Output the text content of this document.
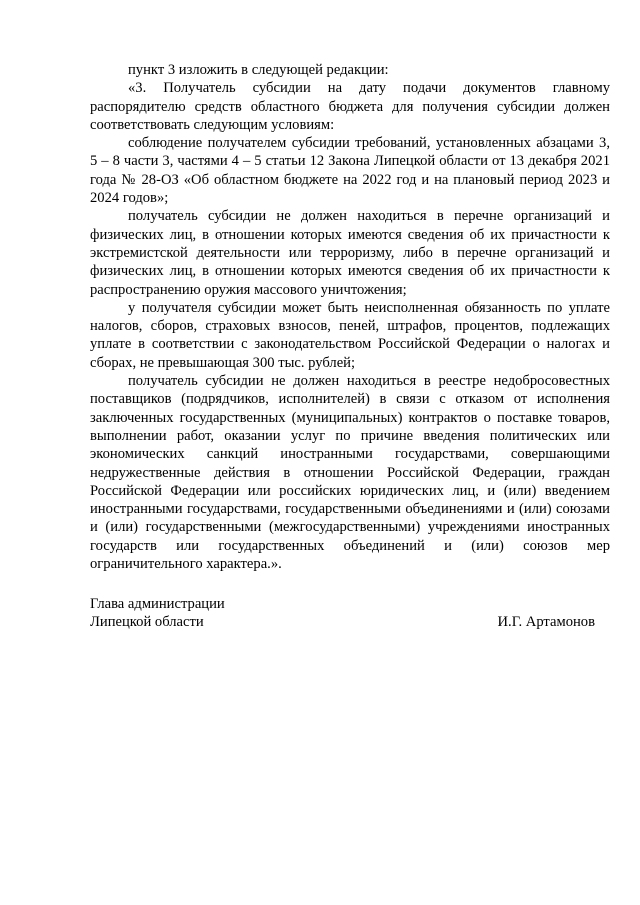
пункт 3 изложить в следующей редакции:

«3. Получатель субсидии на дату подачи документов главному распорядителю средств областного бюджета для получения субсидии должен соответствовать следующим условиям:

соблюдение получателем субсидии требований, установленных абзацами 3, 5 – 8 части 3, частями 4 – 5 статьи 12 Закона Липецкой области от 13 декабря 2021 года № 28-ОЗ «Об областном бюджете на 2022 год и на плановый период 2023 и 2024 годов»;

получатель субсидии не должен находиться в перечне организаций и физических лиц, в отношении которых имеются сведения об их причастности к экстремистской деятельности или терроризму, либо в перечне организаций и физических лиц, в отношении которых имеются сведения об их причастности к распространению оружия массового уничтожения;

у получателя субсидии может быть неисполненная обязанность по уплате налогов, сборов, страховых взносов, пеней, штрафов, процентов, подлежащих уплате в соответствии с законодательством Российской Федерации о налогах и сборах, не превышающая 300 тыс. рублей;

получатель субсидии не должен находиться в реестре недобросовестных поставщиков (подрядчиков, исполнителей) в связи с отказом от исполнения заключенных государственных (муниципальных) контрактов о поставке товаров, выполнении работ, оказании услуг по причине введения политических или экономических санкций иностранными государствами, совершающими недружественные действия в отношении Российской Федерации, граждан Российской Федерации или российских юридических лиц, и (или) введением иностранными государствами, государственными объединениями и (или) союзами и (или) государственными (межгосударственными) учреждениями иностранных государств или государственных объединений и (или) союзов мер ограничительного характера.».

Глава администрации
Липецкой области	И.Г. Артамонов
